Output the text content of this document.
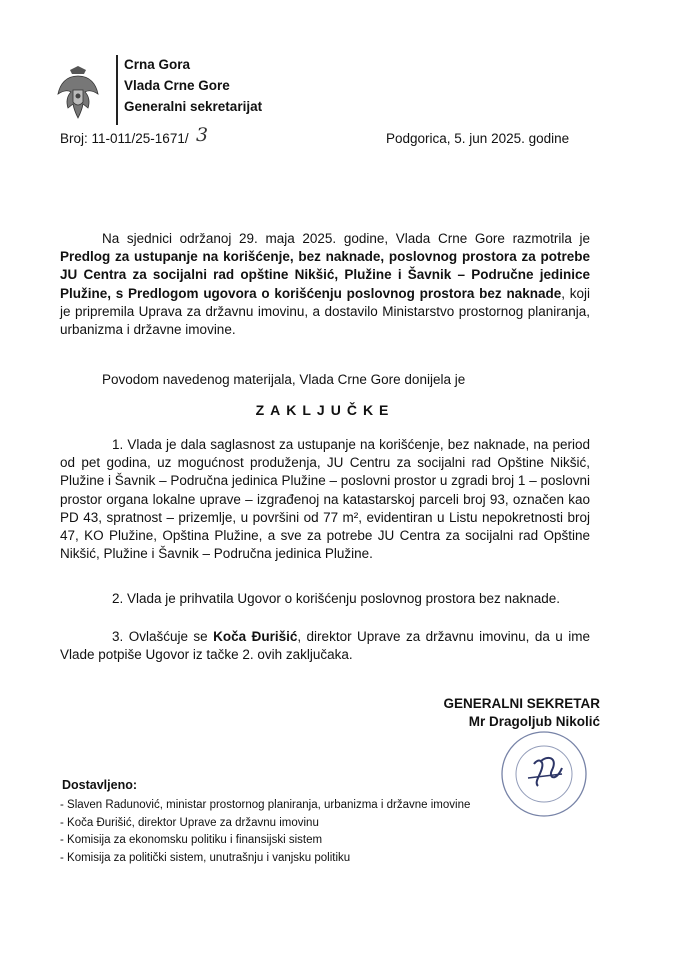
Crna Gora
Vlada Crne Gore
Generalni sekretarijat
Broj: 11-011/25-1671/ 3	Podgorica, 5. jun 2025. godine
Na sjednici održanoj 29. maja 2025. godine, Vlada Crne Gore razmotrila je Predlog za ustupanje na korišćenje, bez naknade, poslovnog prostora za potrebe JU Centra za socijalni rad opštine Nikšić, Plužine i Šavnik – Područne jedinice Plužine, s Predlogom ugovora o korišćenju poslovnog prostora bez naknade, koji je pripremila Uprava za državnu imovinu, a dostavilo Ministarstvo prostornog planiranja, urbanizma i državne imovine.
Povodom navedenog materijala, Vlada Crne Gore donijela je
ZAKLJUČKE
1. Vlada je dala saglasnost za ustupanje na korišćenje, bez naknade, na period od pet godina, uz mogućnost produženja, JU Centru za socijalni rad Opštine Nikšić, Plužine i Šavnik – Područna jedinica Plužine – poslovni prostor u zgradi broj 1 – poslovni prostor organa lokalne uprave – izgrađenoj na katastarskoj parceli broj 93, označen kao PD 43, spratnost – prizemlje, u površini od 77 m², evidentiran u Listu nepokretnosti broj 47, KO Plužine, Opština Plužine, a sve za potrebe JU Centra za socijalni rad Opštine Nikšić, Plužine i Šavnik – Područna jedinica Plužine.
2. Vlada je prihvatila Ugovor o korišćenju poslovnog prostora bez naknade.
3. Ovlašćuje se Koča Đurišić, direktor Uprave za državnu imovinu, da u ime Vlade potpiše Ugovor iz tačke 2. ovih zaključaka.
GENERALNI SEKRETAR
Mr Dragoljub Nikolić
Dostavljeno:
- Slaven Radunović, ministar prostornog planiranja, urbanizma i državne imovine
- Koča Đurišić, direktor Uprave za državnu imovinu
- Komisija za ekonomsku politiku i finansijski sistem
- Komisija za politički sistem, unutrašnju i vanjsku politiku
